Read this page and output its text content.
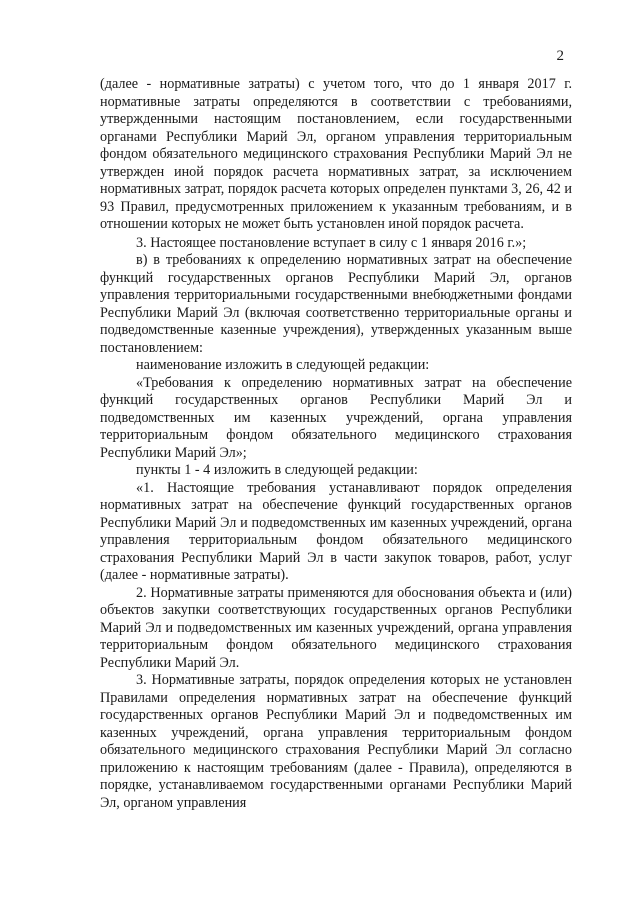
2

(далее - нормативные затраты) с учетом того, что до 1 января 2017 г. нормативные затраты определяются в соответствии с требованиями, утвержденными настоящим постановлением, если государственными органами Республики Марий Эл, органом управления территориальным фондом обязательного медицинского страхования Республики Марий Эл не утвержден иной порядок расчета нормативных затрат, за исключением нормативных затрат, порядок расчета которых определен пунктами 3, 26, 42 и 93 Правил, предусмотренных приложением к указанным требованиям, и в отношении которых не может быть установлен иной порядок расчета.

3. Настоящее постановление вступает в силу с 1 января 2016 г.»;

в) в требованиях к определению нормативных затрат на обеспечение функций государственных органов Республики Марий Эл, органов управления территориальными государственными внебюджетными фондами Республики Марий Эл (включая соответственно территориальные органы и подведомственные казенные учреждения), утвержденных указанным выше постановлением:

наименование изложить в следующей редакции:

«Требования к определению нормативных затрат на обеспечение функций государственных органов Республики Марий Эл и подведомственных им казенных учреждений, органа управления территориальным фондом обязательного медицинского страхования Республики Марий Эл»;

пункты 1 - 4 изложить в следующей редакции:

«1. Настоящие требования устанавливают порядок определения нормативных затрат на обеспечение функций государственных органов Республики Марий Эл и подведомственных им казенных учреждений, органа управления территориальным фондом обязательного медицинского страхования Республики Марий Эл в части закупок товаров, работ, услуг (далее - нормативные затраты).

2. Нормативные затраты применяются для обоснования объекта и (или) объектов закупки соответствующих государственных органов Республики Марий Эл и подведомственных им казенных учреждений, органа управления территориальным фондом обязательного медицинского страхования Республики Марий Эл.

3. Нормативные затраты, порядок определения которых не установлен Правилами определения нормативных затрат на обеспечение функций государственных органов Республики Марий Эл и подведомственных им казенных учреждений, органа управления территориальным фондом обязательного медицинского страхования Республики Марий Эл согласно приложению к настоящим требованиям (далее - Правила), определяются в порядке, устанавливаемом государственными органами Республики Марий Эл, органом управления
